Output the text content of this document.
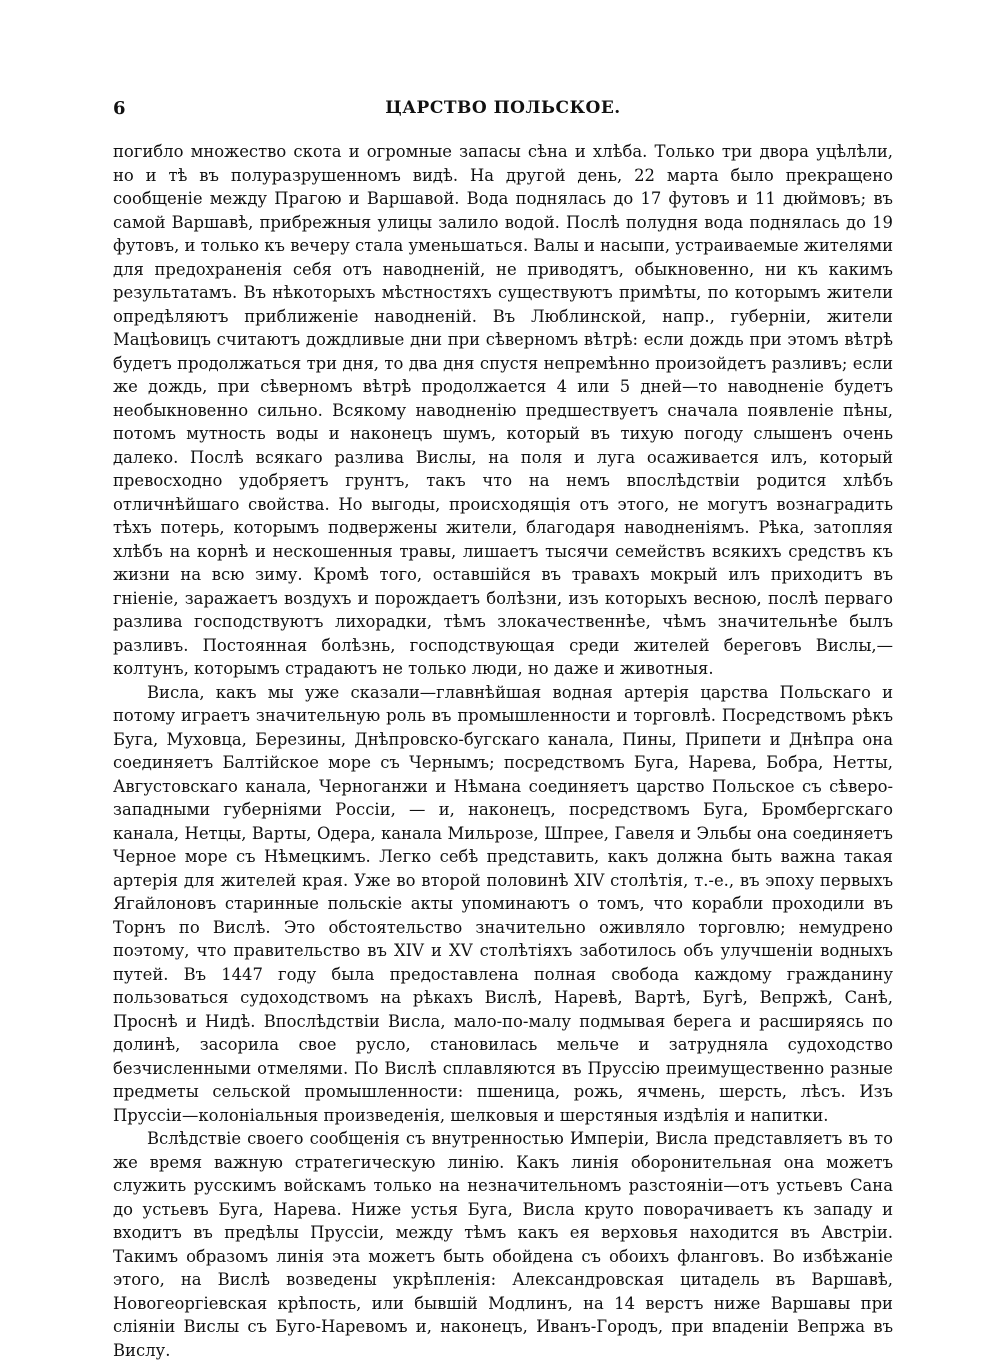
6	ЦАРСТВО ПОЛЬСКОЕ.

погибло множество скота и огромные запасы сѣна и хлѣба. Только три двора уцѣлѣли, но и тѣ въ полуразрушенномъ видѣ. На другой день, 22 марта было прекращено сообщеніе между Прагою и Варшавой. Вода поднялась до 17 футовъ и 11 дюймовъ; въ самой Варшавѣ, прибрежныя улицы залило водой. Послѣ полудня вода поднялась до 19 футовъ, и только къ вечеру стала уменьшаться. Валы и насыпи, устраиваемые жителями для предохраненія себя отъ наводненій, не приводятъ, обыкновенно, ни къ какимъ результатамъ. Въ нѣкоторыхъ мѣстностяхъ существуютъ примѣты, по которымъ жители опредѣляютъ приближеніе наводненій. Въ Люблинской, напр., губерніи, жители Мацѣовицъ считаютъ дождливые дни при сѣверномъ вѣтрѣ: если дождь при этомъ вѣтрѣ будетъ продолжаться три дня, то два дня спустя непремѣнно произойдетъ разливъ; если же дождь, при сѣверномъ вѣтрѣ продолжается 4 или 5 дней—то наводненіе будетъ необыкновенно сильно. Всякому наводненію предшествуетъ сначала появленіе пѣны, потомъ мутность воды и наконецъ шумъ, который въ тихую погоду слышенъ очень далеко. Послѣ всякаго разлива Вислы, на поля и луга осаживается илъ, который превосходно удобряетъ грунтъ, такъ что на немъ впослѣдствіи родится хлѣбъ отличнѣйшаго свойства. Но выгоды, происходящія отъ этого, не могутъ вознаградить тѣхъ потерь, которымъ подвержены жители, благодаря наводненіямъ. Рѣка, затопляя хлѣбъ на корнѣ и нескошенныя травы, лишаетъ тысячи семействъ всякихъ средствъ къ жизни на всю зиму. Кромѣ того, оставшійся въ травахъ мокрый илъ приходитъ въ гніеніе, заражаетъ воздухъ и порождаетъ болѣзни, изъ которыхъ весною, послѣ перваго разлива господствуютъ лихорадки, тѣмъ злокачественнѣе, чѣмъ значительнѣе былъ разливъ. Постоянная болѣзнь, господствующая среди жителей береговъ Вислы,—колтунъ, которымъ страдаютъ не только люди, но даже и животныя.

Висла, какъ мы уже сказали—главнѣйшая водная артерія царства Польскаго и потому играетъ значительную роль въ промышленности и торговлѣ. Посредствомъ рѣкъ Буга, Муховца, Березины, Днѣпровско-бугскаго канала, Пины, Припети и Днѣпра она соединяетъ Балтійское море съ Чернымъ; посредствомъ Буга, Нарева, Бобра, Нетты, Августовскаго канала, Черноганжи и Нѣмана соединяетъ царство Польское съ сѣверо-западными губерніями Россіи, — и, наконецъ, посредствомъ Буга, Бромбергскаго канала, Нетцы, Варты, Одера, канала Мильрозе, Шпрее, Гавеля и Эльбы она соединяетъ Черное море съ Нѣмецкимъ. Легко себѣ представить, какъ должна быть важна такая артерія для жителей края. Уже во второй половинѣ XIV столѣтія, т.-е., въ эпоху первыхъ Ягайлоновъ старинные польскіе акты упоминаютъ о томъ, что корабли проходили въ Торнъ по Вислѣ. Это обстоятельство значительно оживляло торговлю; немудрено поэтому, что правительство въ XIV и XV столѣтіяхъ заботилось объ улучшеніи водныхъ путей. Въ 1447 году была предоставлена полная свобода каждому гражданину пользоваться судоходствомъ на рѣкахъ Вислѣ, Наревѣ, Вартѣ, Бугѣ, Вепржѣ, Санѣ, Проснѣ и Нидѣ. Впослѣдствіи Висла, мало-по-малу подмывая берега и расширяясь по долинѣ, засорила свое русло, становилась мельче и затрудняла судоходство безчисленными отмелями. По Вислѣ сплавляются въ Пруссію преимущественно разные предметы сельской промышленности: пшеница, рожь, ячмень, шерсть, лѣсъ. Изъ Пруссіи—колоніальныя произведенія, шелковыя и шерстяныя издѣлія и напитки.

Вслѣдствіе своего сообщенія съ внутренностью Имперіи, Висла представляетъ въ то же время важную стратегическую линію. Какъ линія оборонительная она можетъ служить русскимъ войскамъ только на незначительномъ разстояніи—отъ устьевъ Сана до устьевъ Буга, Нарева. Ниже устья Буга, Висла круто поворачиваетъ къ западу и входитъ въ предѣлы Пруссіи, между тѣмъ какъ ея верховья находится въ Австріи. Такимъ образомъ линія эта можетъ быть обойдена съ обоихъ фланговъ. Во избѣжаніе этого, на Вислѣ возведены укрѣпленія: Александровская цитадель въ Варшавѣ, Новогеоргіевская крѣпость, или бывшій Модлинъ, на 14 верстъ ниже Варшавы при сліяніи Вислы съ Буго-Наревомъ и, наконецъ, Иванъ-Городъ, при впаденіи Вепржа въ Вислу.
